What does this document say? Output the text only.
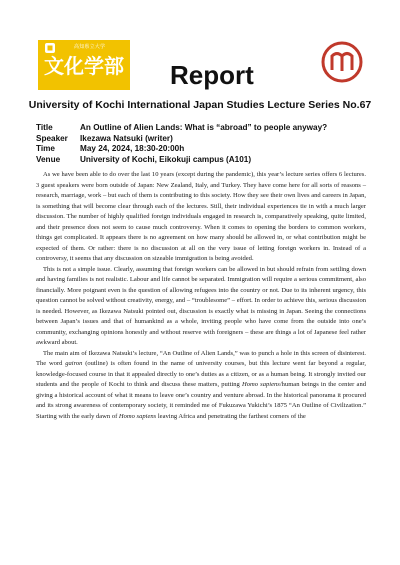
高知県立大学
文化学部 Report
University of Kochi International Japan Studies Lecture Series No.67
Title	An Outline of Alien Lands: What is “abroad” to people anyway?
Speaker	Ikezawa Natsuki (writer)
Time	May 24, 2024, 18:30-20:00h
Venue	University of Kochi, Eikokuji campus (A101)

As we have been able to do over the last 10 years (except during the pandemic), this year’s lecture series offers 6 lectures. 3 guest speakers were born outside of Japan: New Zealand, Italy, and Turkey. They have come here for all sorts of reasons – research, marriage, work – but each of them is contributing to this society. How they see their own lives and careers in Japan, is something that will become clear through each of the lectures. Still, their individual experiences tie in with a much larger discussion. The number of highly qualified foreign individuals engaged in research is, comparatively speaking, quite limited, and their presence does not seem to cause much controversy. When it comes to opening the borders to common workers, things get complicated. It appears there is no agreement on how many should be allowed in, or what contribution might be expected of them. Or rather: there is no discussion at all on the very issue of letting foreign workers in. Instead of a controversy, it seems that any discussion on sizeable immigration is being avoided.

This is not a simple issue. Clearly, assuming that foreign workers can be allowed in but should refrain from settling down and having families is not realistic. Labour and life cannot be separated. Immigration will require a serious commitment, also financially. More poignant even is the question of allowing refugees into the country or not. Due to its inherent urgency, this question cannot be solved without creativity, energy, and – “troublesome” – effort. In order to achieve this, serious discussion is needed. However, as Ikezawa Natsuki pointed out, discussion is exactly what is missing in Japan. Seeing the connections between Japan’s issues and that of humankind as a whole, inviting people who have come from the outside into one’s community, exchanging opinions honestly and without reserve with foreigners – these are things a lot of Japanese feel rather awkward about.

The main aim of Ikezawa Natsuki’s lecture, “An Outline of Alien Lands,” was to punch a hole in this screen of disinterest. The word gairon (outline) is often found in the name of university courses, but this lecture went far beyond a regular, knowledge-focused course in that it appealed directly to one’s duties as a citizen, or as a human being. It strongly invited our students and the people of Kochi to think and discuss these matters, putting Homo sapiens/human beings in the center and giving a historical account of what it means to leave one’s country and venture abroad. In the historical panorama it procured and its strong awareness of contemporary society, it reminded me of Fukuzawa Yukichi’s 1875 “An Outline of Civilization.” Starting with the early dawn of Homo sapiens leaving Africa and penetrating the farthest corners of the
